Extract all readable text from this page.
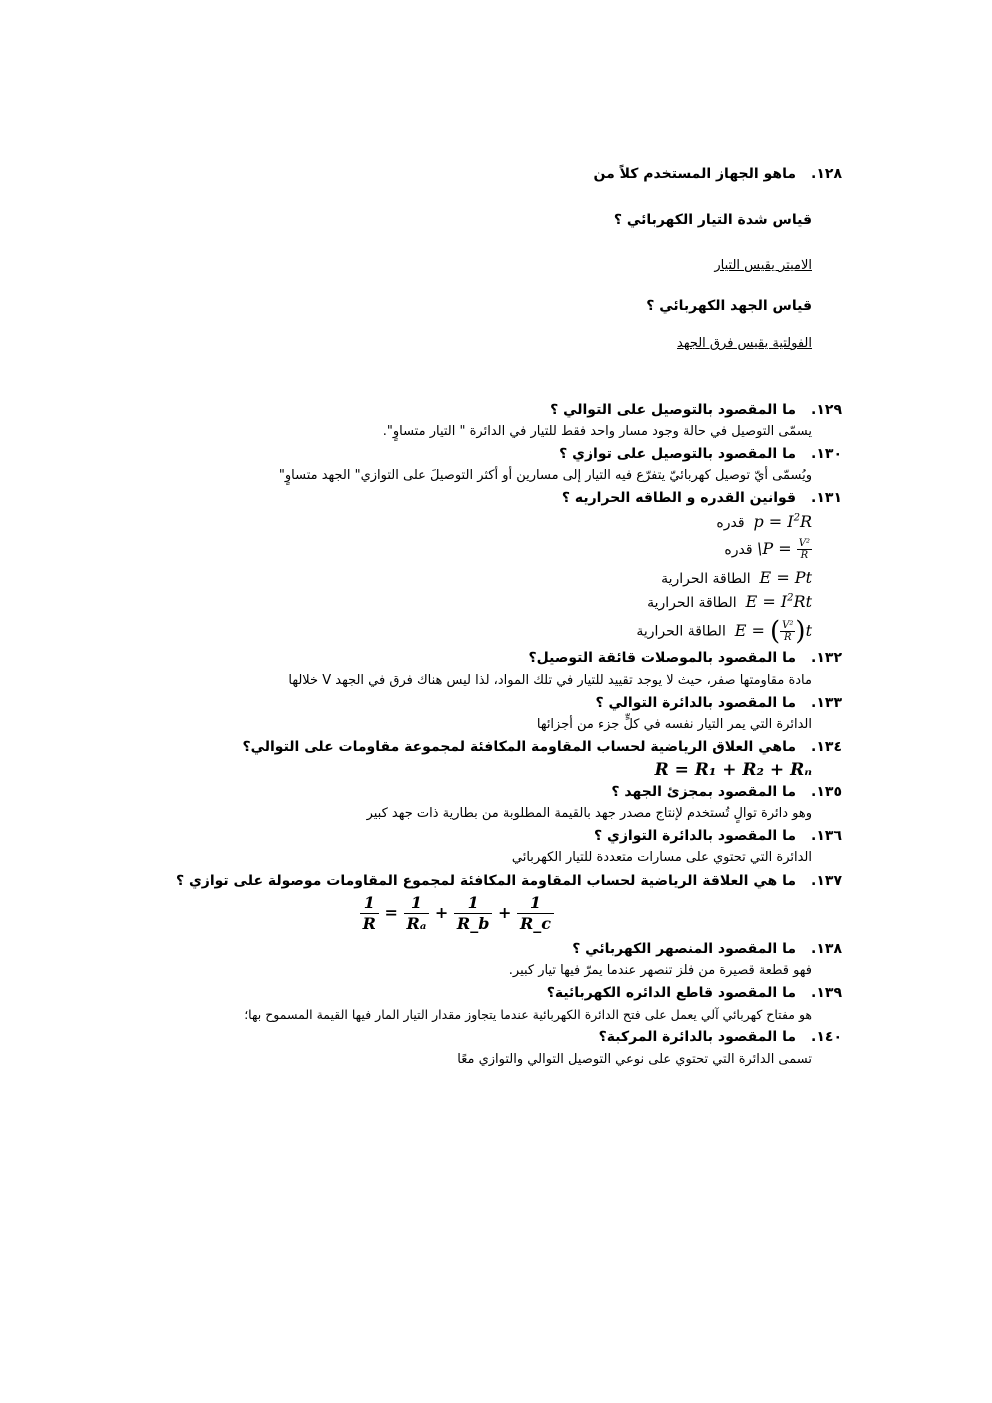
١٢٨.ماهو الجهاز المستخدم كلاً من
قياس شدة التيار الكهربائي ؟
الاميتر يقيس التيار
قياس الجهد الكهربائي ؟
الفولتية يقيس فرق الجهد
١٢٩.ما المقصود بالتوصيل على التوالي ؟
يسمّى التوصيل في حالة وجود مسار واحد فقط للتيار في الدائرة " التيار متساوٍ".
١٣٠.ما المقصود بالتوصيل على توازي ؟
ويُسمّى أيّ توصيل كهربائيّ يتفرّع فيه التيار إلى مسارين أو أكثر التوصيلَ على التوازي" الجهد متساوٍ"
١٣١.قوانين القدره و الطاقه الحراريه ؟
$p = I^2R$  قدره
\P = $\frac{\text{V²}}{R}$
قدره
E = Pt  الطاقة الحرارية
$E = I^2Rt$  الطاقة الحرارية
E = ( $\frac{\text{V²}}{R} )t$  الطاقة الحرارية
١٣٢.ما المقصود بالموصلات قائقة التوصيل؟
مادة مقاومتها صفر، حيث لا يوجد تقييد للتيار في تلك المواد، لذا ليس هناك فرق في الجهد V خلالها
١٣٣.ما المقصود بالدائرة التوالي ؟
الدائرة التي يمر التيار نفسه في كلٍّ جزء من أجزائها
١٣٤.ماهي العلاق الرياضية لحساب المقاومة المكافئة لمجموعة مقاومات على التوالي؟
R = R₁ + R₂ + Rₙ
١٣٥.ما المقصود بمجزئ الجهد ؟
وهو دائرة توالٍ تُستخدم لإنتاج مصدر جهد بالقيمة المطلوبة من بطارية ذات جهد كبير
١٣٦.ما المقصود بالدائرة التوازي ؟
الدائرة التي تحتوي على مسارات متعددة للتيار الكهربائي
١٣٧.ما هي العلاقة الرياضية لحساب المقاومة المكافئة لمجموع المقاومات موصولة على توازي ؟
$\frac{1}{R} = \frac{1}{\text{Rₐ}} + \frac{1}{R\_b} + \frac{1}{R\_c}$
١٣٨.ما المقصود المنصهر الكهربائي ؟
فهو قطعة قصيرة من فلز تنصهر عندما يمرّ فيها تيار كبير.
١٣٩.ما المقصود قاطع الدائره الكهربائية؟
هو مفتاح كهربائي آلي يعمل على فتح الدائرة الكهربائية عندما يتجاوز مقدار التيار المار فيها القيمة المسموح بها؛
١٤٠.ما المقصود بالدائرة المركبة؟
تسمى الدائرة التي تحتوي على نوعي التوصيل التوالي والتوازي معًا
